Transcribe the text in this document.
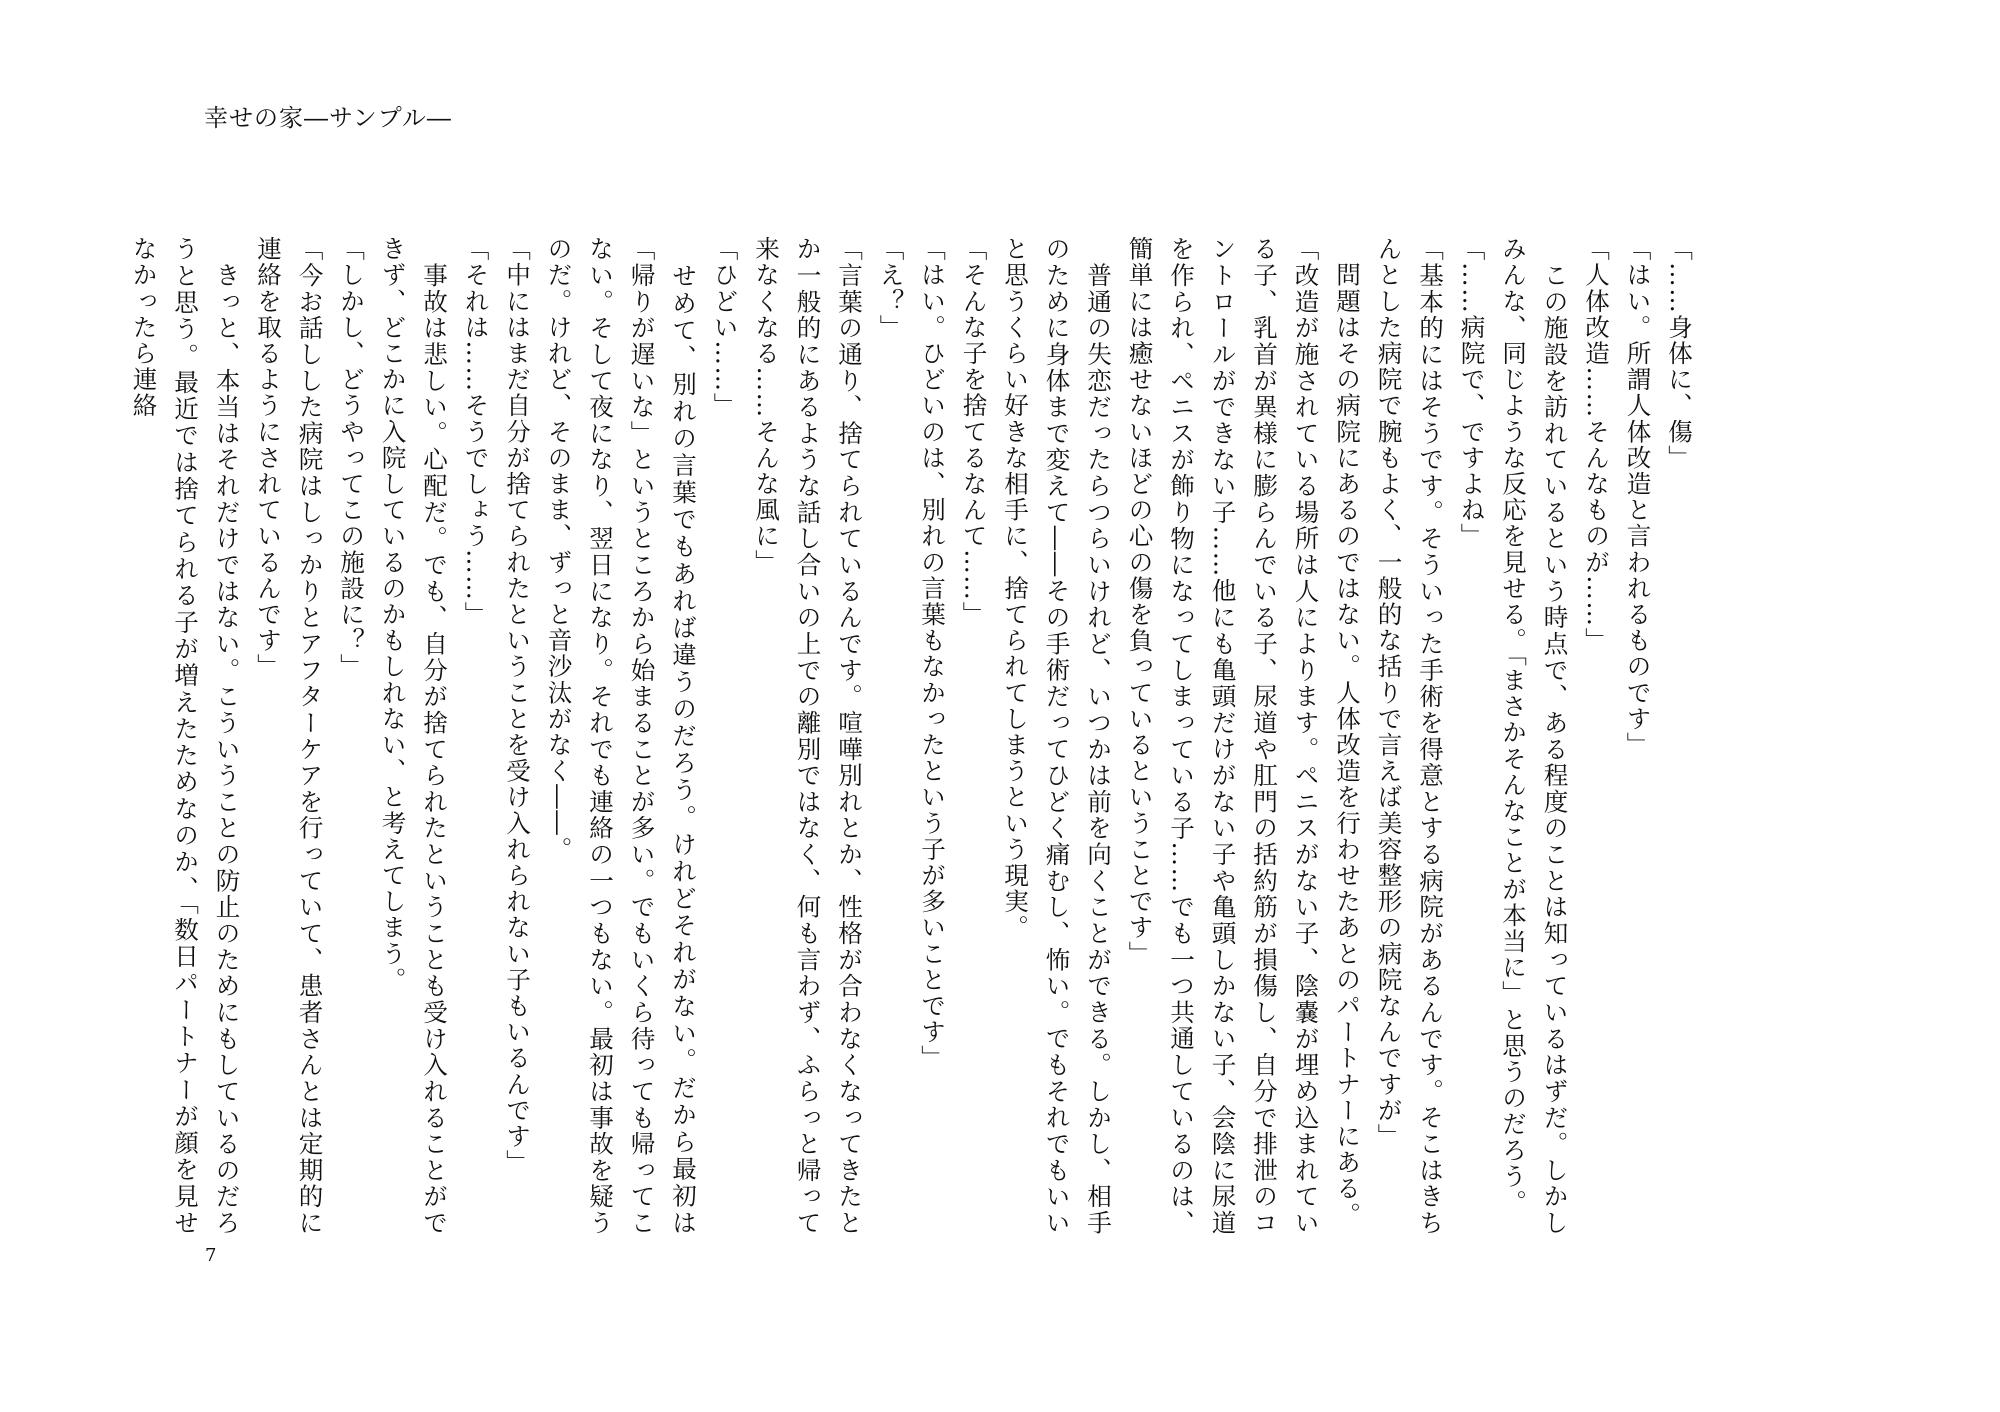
幸せの家―サンプル―

「……身体に、傷」

「はい。所謂人体改造と言われるものです」

「人体改造……そんなものが……」

　この施設を訪れているという時点で、ある程度のことは知っているはずだ。しかしみんな、同じような反応を見せる。「まさかそんなことが本当に」と思うのだろう。

「……病院で、ですよね」

「基本的にはそうです。そういった手術を得意とする病院があるんです。そこはきちんとした病院で腕もよく、一般的な括りで言えば美容整形の病院なんですが」

　問題はその病院にあるのではない。人体改造を行わせたあとのパートナーにある。

「改造が施されている場所は人によります。ペニスがない子、陰嚢が埋め込まれている子、乳首が異様に膨らんでいる子、尿道や肛門の括約筋が損傷し、自分で排泄のコントロールができない子……他にも亀頭だけがない子や亀頭しかない子、会陰に尿道を作られ、ペニスが飾り物になってしまっている子……でも一つ共通しているのは、簡単には癒せないほどの心の傷を負っているということです」

　普通の失恋だったらつらいけれど、いつかは前を向くことができる。しかし、相手のために身体まで変えて――その手術だってひどく痛むし、怖い。でもそれでもいいと思うくらい好きな相手に、捨てられてしまうという現実。

「そんな子を捨てるなんて……」

「はい。ひどいのは、別れの言葉もなかったという子が多いことです」

「え？」

「言葉の通り、捨てられているんです。喧嘩別れとか、性格が合わなくなってきたとか一般的にあるような話し合いの上での離別ではなく、何も言わず、ふらっと帰って来なくなる……そんな風に」

「ひどい……」

　せめて、別れの言葉でもあれば違うのだろう。けれどそれがない。だから最初は「帰りが遅いな」というところから始まることが多い。でもいくら待っても帰ってこない。そして夜になり、翌日になり。それでも連絡の一つもない。最初は事故を疑うのだ。けれど、そのまま、ずっと音沙汰がなく――。

「中にはまだ自分が捨てられたということを受け入れられない子もいるんです」

「それは……そうでしょう……」

　事故は悲しい。心配だ。でも、自分が捨てられたということも受け入れることができず、どこかに入院しているのかもしれない、と考えてしまう。

「しかし、どうやってこの施設に？」

「今お話しした病院はしっかりとアフターケアを行っていて、患者さんとは定期的に連絡を取るようにされているんです」

　きっと、本当はそれだけではない。こういうことの防止のためにもしているのだろうと思う。最近では捨てられる子が増えたためなのか、「数日パートナーが顔を見せなかったら連絡

7
